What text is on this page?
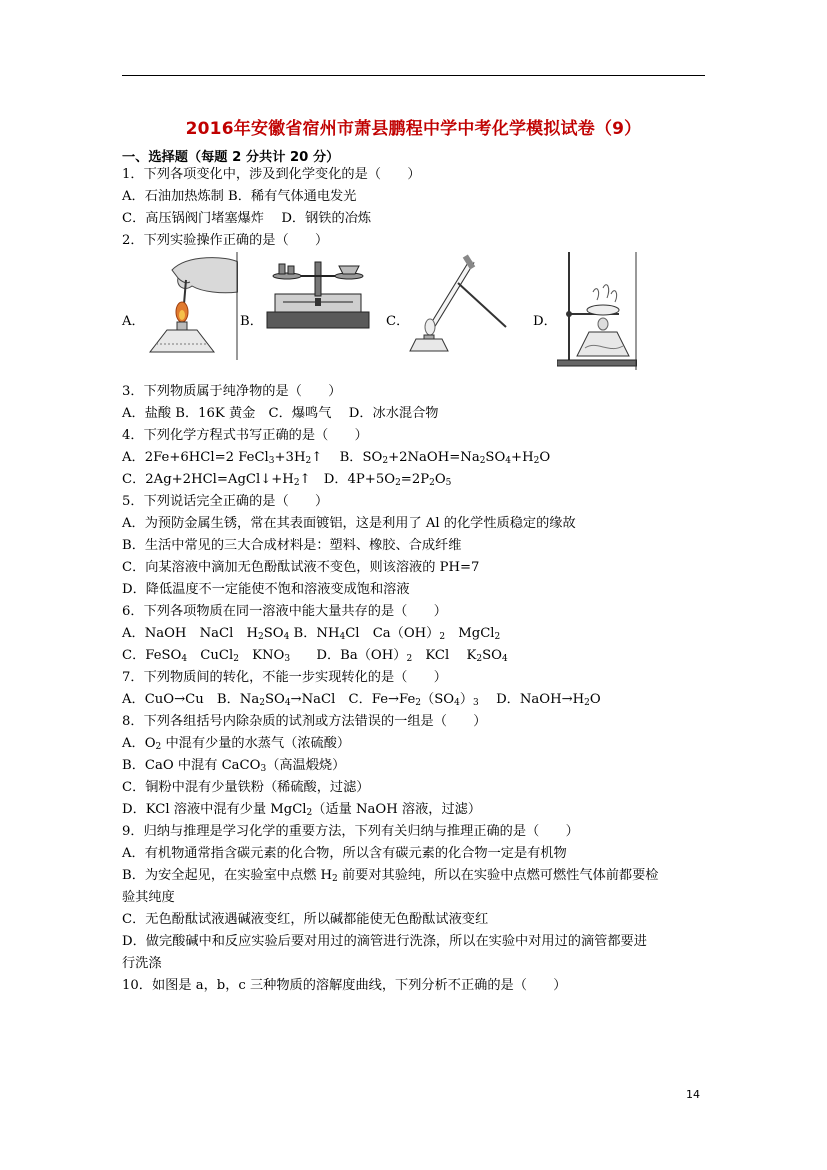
2016年安徽省宿州市萧县鹏程中学中考化学模拟试卷（9）
一、选择题（每题 2 分共计 20 分）
1．下列各项变化中，涉及到化学变化的是（　　）
A．石油加热炼制 B．稀有气体通电发光
C．高压锅阀门堵塞爆炸　 D．钢铁的冶炼
2．下列实验操作正确的是（　　）
3．下列物质属于纯净物的是（　　）
A．盐酸 B．16K 黄金　C．爆鸣气　 D．冰水混合物
4．下列化学方程式书写正确的是（　　）
A．2Fe+6HCl=2 $FeCl_3+3H_2↑$　 B．$SO_2+2NaOH=Na_2SO_4+H_2O$
C．$2Ag+2HCl=AgCl↓+H_2↑$　D．$4P+5O_2=2P_2O_5$
5．下列说话完全正确的是（　　）
A．为预防金属生锈，常在其表面镀铝，这是利用了 Al 的化学性质稳定的缘故
B．生活中常见的三大合成材料是：塑料、橡胶、合成纤维
C．向某溶液中滴加无色酚酞试液不变色，则该溶液的 PH=7
D．降低温度不一定能使不饱和溶液变成饱和溶液
6．下列各项物质在同一溶液中能大量共存的是（　　）
A．NaOH　NaCl　$H_2SO_4$ B．$NH_4Cl$　$Ca(OH)_2$　MgCl$_2$
C．FeSO$_4$　CuCl$_2$　$KNO_3$　　D．$Ba(OH)_2$　KCl　 $K_2SO_4$
7．下列物质间的转化，不能一步实现转化的是（　　）
A．CuO→Cu　B．$Na_2SO_4\to NaCl$　C．$Fe\to Fe_2(SO_4)_3$　 D．$NaOH\to H_2O$
8．下列各组括号内除杂质的试剂或方法错误的一组是（　　）
A．$O_2$ 中混有少量的水蒸气（浓硫酸）
B．CaO 中混有 CaCO$_3$（高温煅烧）
C．铜粉中混有少量铁粉（稀硫酸，过滤）
D．KCl 溶液中混有少量 MgCl$_2$（适量 NaOH 溶液，过滤）
9．归纳与推理是学习化学的重要方法，下列有关归纳与推理正确的是（　　）
A．有机物通常指含碳元素的化合物，所以含有碳元素的化合物一定是有机物
B．为安全起见，在实验室中点燃 $H_2$ 前要对其验纯，所以在实验中点燃可燃性气体前都要检
验其纯度
C．无色酚酞试液遇碱液变红，所以碱都能使无色酚酞试液变红
D．做完酸碱中和反应实验后要对用过的滴管进行洗涤，所以在实验中对用过的滴管都要进
行洗涤
10．如图是 a，b，c 三种物质的溶解度曲线，下列分析不正确的是（　　）
A．	B．	C．	D．
14
